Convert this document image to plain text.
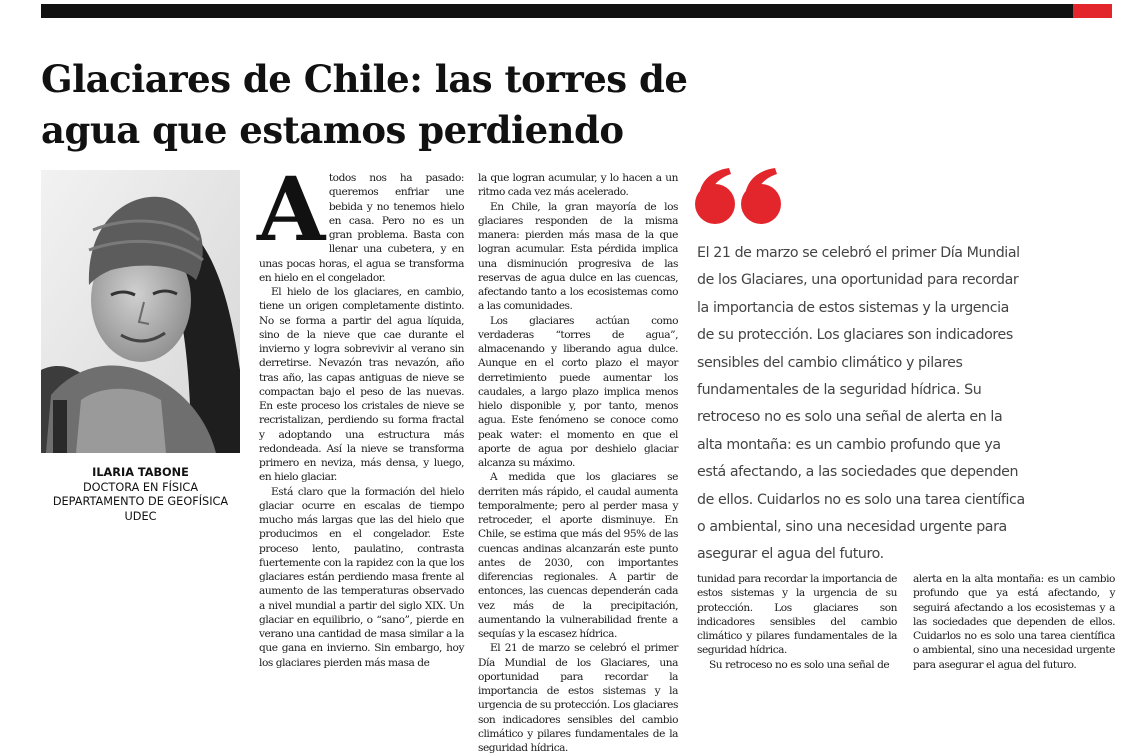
Glaciares de Chile: las torres de agua que estamos perdiendo
ILARIA TABONE
DOCTORA EN FÍSICA
DEPARTAMENTO DE GEOFÍSICA
UDEC

Atodos nos ha pasado: queremos enfriar une bebida y no tenemos hielo en casa. Pero no es un gran problema. Basta con llenar una cubetera, y en unas pocas horas, el agua se transforma en hielo en el congelador.

El hielo de los glaciares, en cambio, tiene un origen completamente distinto. No se forma a partir del agua líquida, sino de la nieve que cae durante el invierno y logra sobrevivir al verano sin derretirse. Nevazón tras nevazón, año tras año, las capas antiguas de nieve se compactan bajo el peso de las nuevas. En este proceso los cristales de nieve se recristalizan, perdiendo su forma fractal y adoptando una estructura más redondeada. Así la nieve se transforma primero en neviza, más densa, y luego, en hielo glaciar.

Está claro que la formación del hielo glaciar ocurre en escalas de tiempo mucho más largas que las del hielo que producimos en el congelador. Este proceso lento, paulatino, contrasta fuertemente con la rapidez con la que los glaciares están perdiendo masa frente al aumento de las temperaturas observado a nivel mundial a partir del siglo XIX. Un glaciar en equilibrio, o “sano”, pierde en verano una cantidad de masa similar a la que gana en invierno. Sin embargo, hoy los glaciares pierden más masa de

la que logran acumular, y lo hacen a un ritmo cada vez más acelerado.

En Chile, la gran mayoría de los glaciares responden de la misma manera: pierden más masa de la que logran acumular. Esta pérdida implica una disminución progresiva de las reservas de agua dulce en las cuencas, afectando tanto a los ecosistemas como a las comunidades.

Los glaciares actúan como verdaderas “torres de agua”, almacenando y liberando agua dulce. Aunque en el corto plazo el mayor derretimiento puede aumentar los caudales, a largo plazo implica menos hielo disponible y, por tanto, menos agua. Este fenómeno se conoce como peak water: el momento en que el aporte de agua por deshielo glaciar alcanza su máximo.

A medida que los glaciares se derriten más rápido, el caudal aumenta temporalmente; pero al perder masa y retroceder, el aporte disminuye. En Chile, se estima que más del 95% de las cuencas andinas alcanzarán este punto antes de 2030, con importantes diferencias regionales. A partir de entonces, las cuencas dependerán cada vez más de la precipitación, aumentando la vulnerabilidad frente a sequías y la escasez hídrica.

El 21 de marzo se celebró el primer Día Mundial de los Glaciares, una oportunidad para recordar la importancia de estos sistemas y la urgencia de su protección. Los glaciares son indicadores sensibles del cambio climático y pilares fundamentales de la seguridad hídrica.

El 21 de marzo se celebró el primer Día Mundial de los Glaciares, una oportunidad para recordar la importancia de estos sistemas y la urgencia de su protección. Los glaciares son indicadores sensibles del cambio climático y pilares fundamentales de la seguridad hídrica. Su retroceso no es solo una señal de alerta en la alta montaña: es un cambio profundo que ya está afectando, a las sociedades que dependen de ellos. Cuidarlos no es solo una tarea científica o ambiental, sino una necesidad urgente para asegurar el agua del futuro.

tunidad para recordar la importancia de estos sistemas y la urgencia de su protección. Los glaciares son indicadores sensibles del cambio climático y pilares fundamentales de la seguridad hídrica.

Su retroceso no es solo una señal de

alerta en la alta montaña: es un cambio profundo que ya está afectando, y seguirá afectando a los ecosistemas y a las sociedades que dependen de ellos. Cuidarlos no es solo una tarea científica o ambiental, sino una necesidad urgente para asegurar el agua del futuro.
